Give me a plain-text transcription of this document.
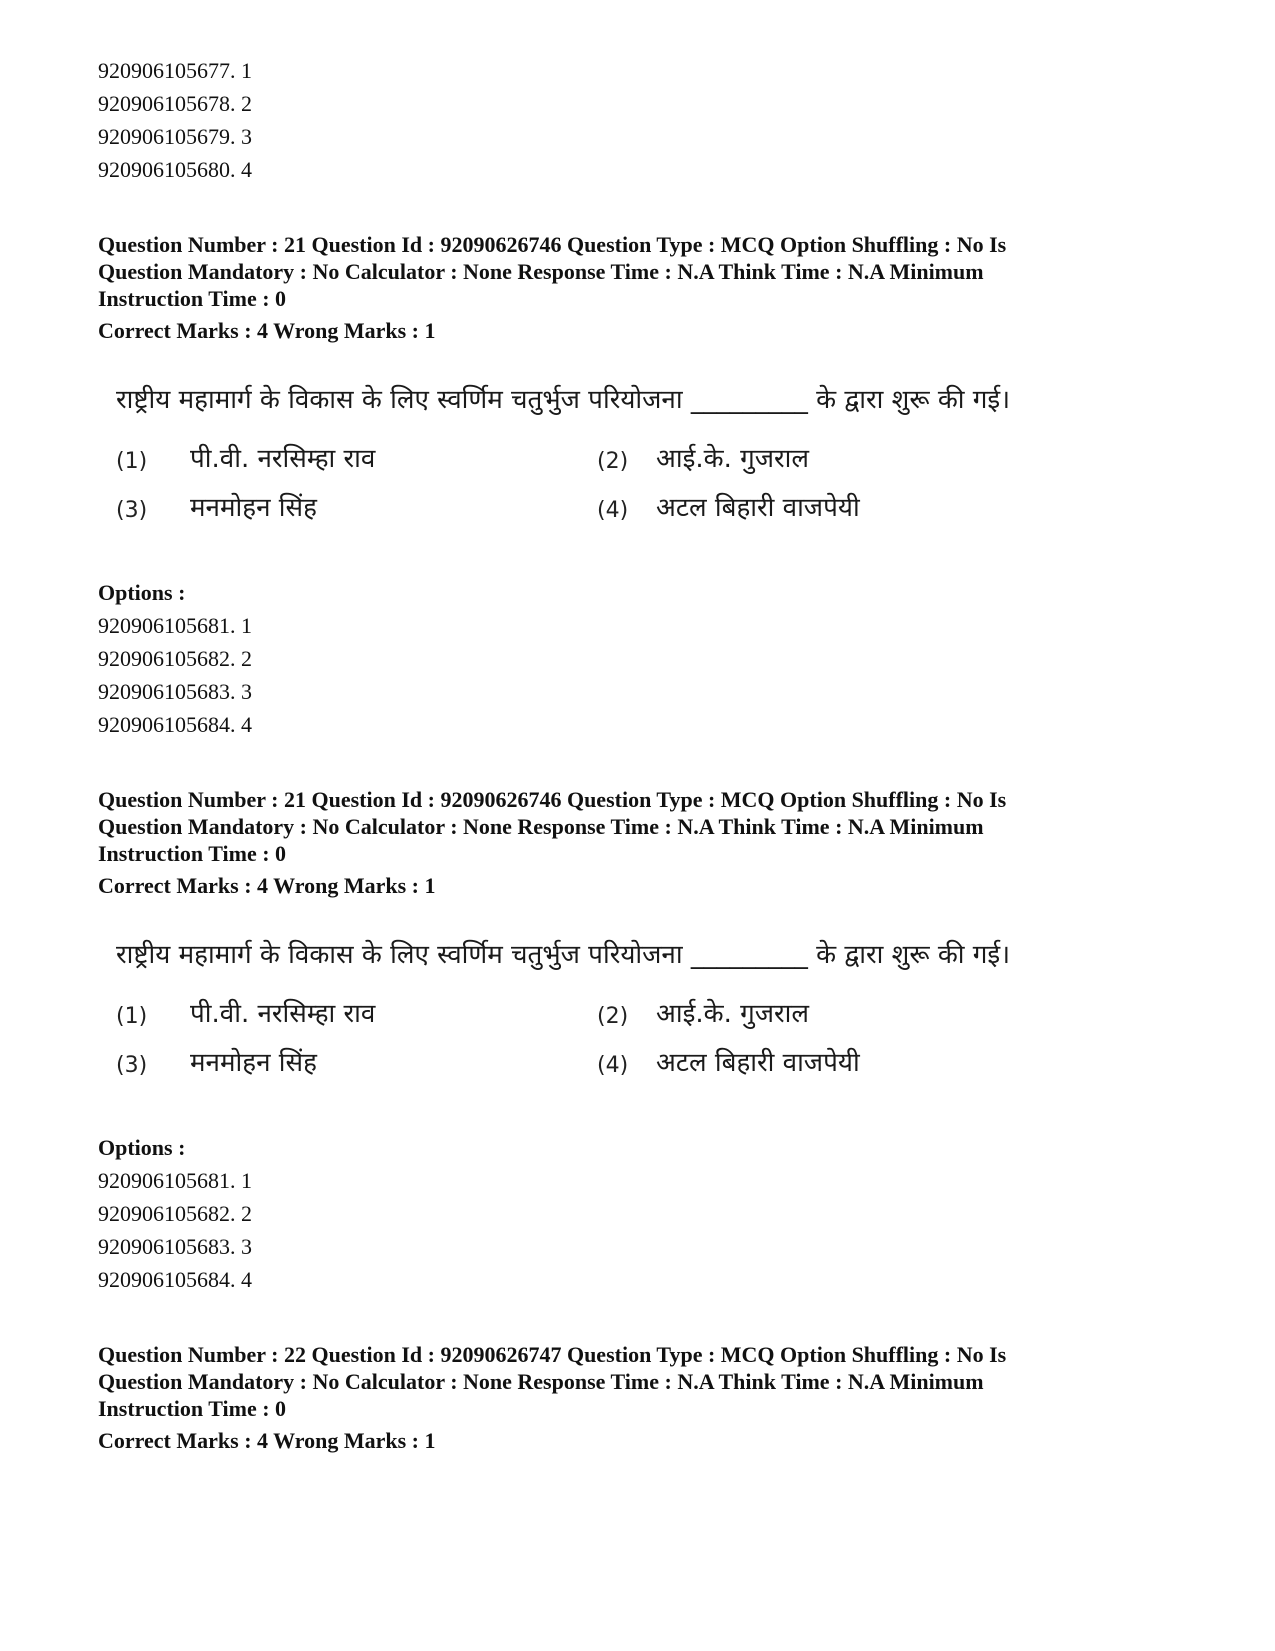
920906105677. 1
920906105678. 2
920906105679. 3
920906105680. 4
Question Number : 21 Question Id : 92090626746 Question Type : MCQ Option Shuffling : No Is
Question Mandatory : No Calculator : None Response Time : N.A Think Time : N.A Minimum
Instruction Time : 0
Correct Marks : 4 Wrong Marks : 1
राष्ट्रीय महामार्ग के विकास के लिए स्वर्णिम चतुर्भुज परियोजना _________ के द्वारा शुरू की गई।
(1) पी.वी. नरसिम्हा राव	(2) आई.के. गुजराल
(3) मनमोहन सिंह	(4) अटल बिहारी वाजपेयी
Options :
920906105681. 1
920906105682. 2
920906105683. 3
920906105684. 4
Question Number : 21 Question Id : 92090626746 Question Type : MCQ Option Shuffling : No Is
Question Mandatory : No Calculator : None Response Time : N.A Think Time : N.A Minimum
Instruction Time : 0
Correct Marks : 4 Wrong Marks : 1
राष्ट्रीय महामार्ग के विकास के लिए स्वर्णिम चतुर्भुज परियोजना _________ के द्वारा शुरू की गई।
(1) पी.वी. नरसिम्हा राव	(2) आई.के. गुजराल
(3) मनमोहन सिंह	(4) अटल बिहारी वाजपेयी
Options :
920906105681. 1
920906105682. 2
920906105683. 3
920906105684. 4
Question Number : 22 Question Id : 92090626747 Question Type : MCQ Option Shuffling : No Is
Question Mandatory : No Calculator : None Response Time : N.A Think Time : N.A Minimum
Instruction Time : 0
Correct Marks : 4 Wrong Marks : 1
